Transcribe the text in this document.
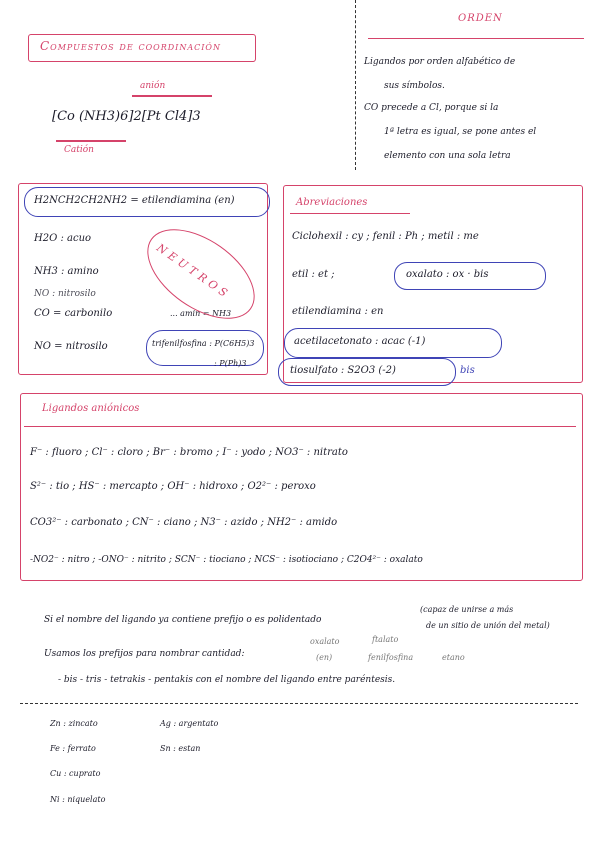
Compuestos de coordinación
anión
[Co (NH3)6]2[Pt Cl4]3
Catión
ORDEN
Ligandos por orden alfabético de
sus símbolos.
CO precede a Cl, porque si la
1ª letra es igual, se pone antes el
elemento con una sola letra
H2NCH2CH2NH2 = etilendiamina (en)
H2O : acuo
NH3 : amino
NO : nitrosilo
CO = carbonilo
NO = nitrosilo
... amin = NH3
trifenilfosfina : P(C6H5)3
: P(Ph)3
NEUTROS
Abreviaciones
Ciclohexil : cy ; fenil : Ph ; metil : me
etil : et ;	oxalato : ox · bis
etilendiamina : en
acetilacetonato : acac (-1)
tiosulfato : S2O3 (-2)	bis
Ligandos aniónicos
F⁻ : fluoro ; Cl⁻ : cloro ; Br⁻ : bromo ; I⁻ : yodo ; NO3⁻ : nitrato
S²⁻ : tio ; HS⁻ : mercapto ; OH⁻ : hidroxo ; O2²⁻ : peroxo
CO3²⁻ : carbonato ; CN⁻ : ciano ; N3⁻ : azido ; NH2⁻ : amido
-NO2⁻ : nitro ; -ONO⁻ : nitrito ; SCN⁻ : tiociano ; NCS⁻ : isotiociano ; C2O4²⁻ : oxalato
Si el nombre del ligando ya contiene prefijo o es polidentado
(capaz de unirse a más
de un sitio de unión del metal)
Usamos los prefijos para nombrar cantidad:
oxalato
(en)
ftalato
fenilfosfina	etano
- bis - tris - tetrakis - pentakis con el nombre del ligando entre paréntesis.
Zn : zincato
Fe : ferrato
Cu : cuprato
Ni : niquelato
Ag : argentato
Sn : estan
